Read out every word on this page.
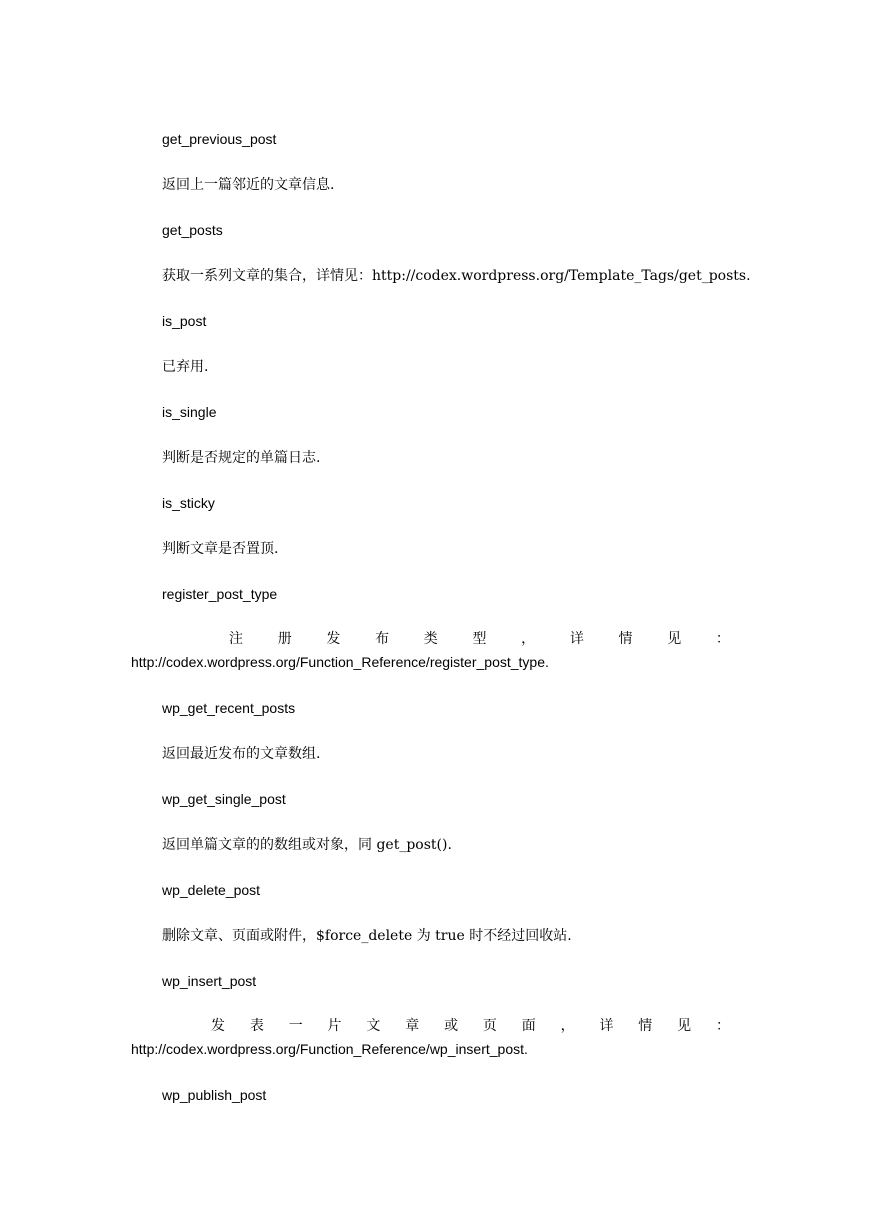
get_previous_post
返回上一篇邻近的文章信息.
get_posts
获取一系列文章的集合，详情见：http://codex.wordpress.org/Template_Tags/get_posts.
is_post
已弃用.
is_single
判断是否规定的单篇日志.
is_sticky
判断文章是否置顶.
register_post_type
注 册 发 布 类 型 ， 详 情 见 ：
http://codex.wordpress.org/Function_Reference/register_post_type.
wp_get_recent_posts
返回最近发布的文章数组.
wp_get_single_post
返回单篇文章的的数组或对象，同 get_post().
wp_delete_post
删除文章、页面或附件，$force_delete 为 true 时不经过回收站.
wp_insert_post
发 表 一 片 文 章 或 页 面 ， 详 情 见 ：
http://codex.wordpress.org/Function_Reference/wp_insert_post.
wp_publish_post
